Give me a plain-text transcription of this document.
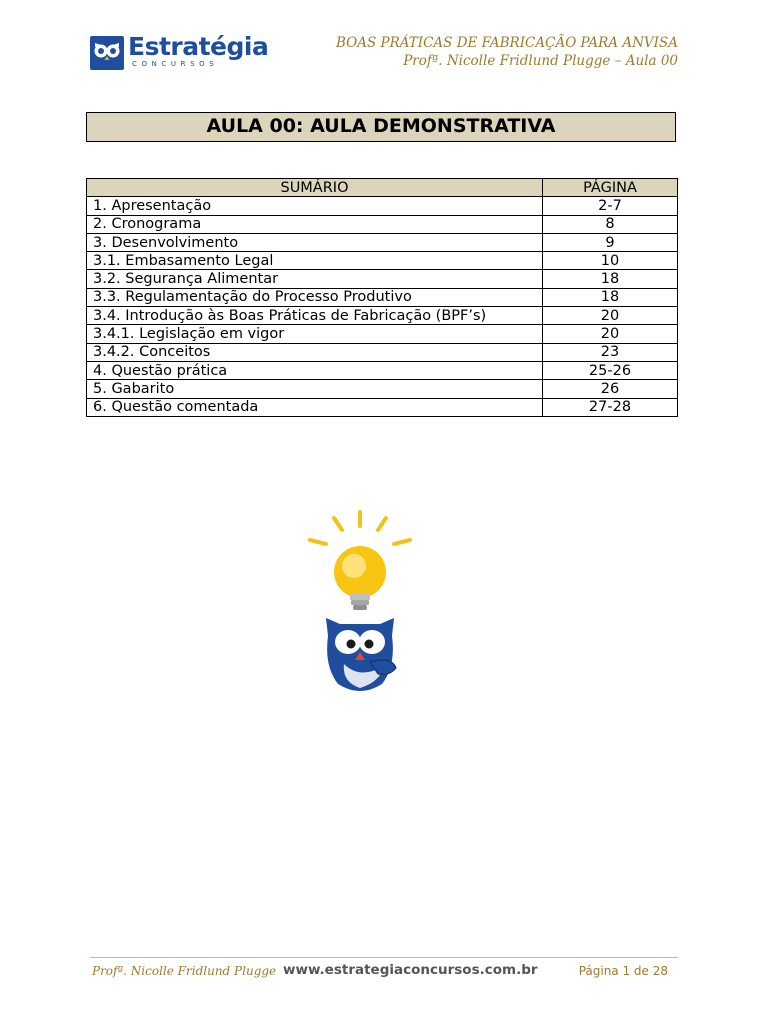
Estratégia
CONCURSOS
BOAS PRÁTICAS DE FABRICAÇÃO PARA ANVISA
Profª. Nicolle Fridlund Plugge – Aula 00
AULA 00: AULA DEMONSTRATIVA
SUMÁRIO	PÁGINA
1. Apresentação	2-7
2. Cronograma	8
3. Desenvolvimento	9
3.1. Embasamento Legal	10
3.2. Segurança Alimentar	18
3.3. Regulamentação do Processo Produtivo	18
3.4. Introdução às Boas Práticas de Fabricação (BPF’s)	20
3.4.1. Legislação em vigor	20
3.4.2. Conceitos	23
4. Questão prática	25-26
5. Gabarito	26
6. Questão comentada	27-28
Profª. Nicolle Fridlund Plugge www.estrategiaconcursos.com.br	Página 1 de 28
